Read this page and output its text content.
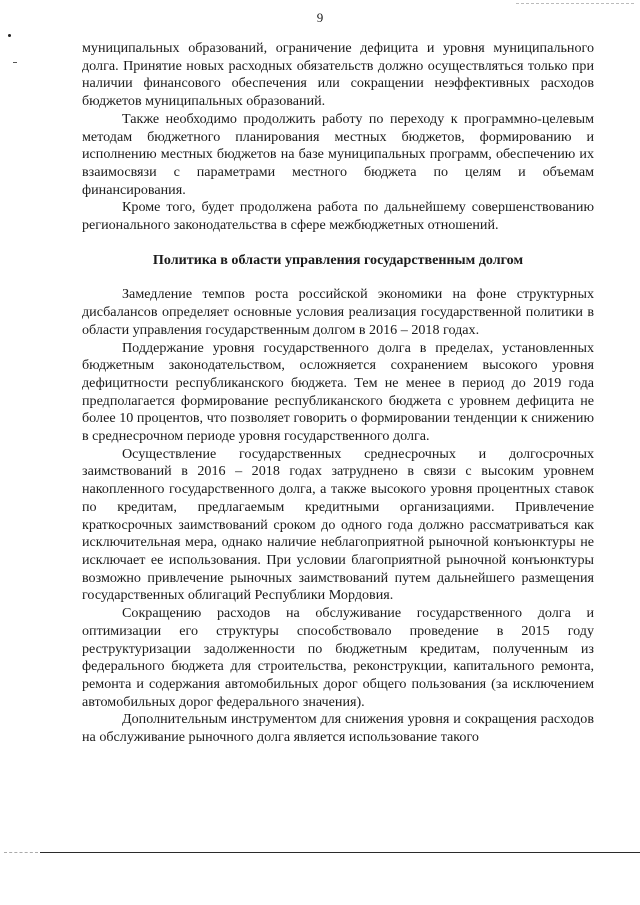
9

муниципальных образований, ограничение дефицита и уровня муниципального долга. Принятие новых расходных обязательств должно осуществляться только при наличии финансового обеспечения или сокращении неэффективных расходов бюджетов муниципальных образований.

Также необходимо продолжить работу по переходу к программно-целевым методам бюджетного планирования местных бюджетов, формированию и исполнению местных бюджетов на базе муниципальных программ, обеспечению их взаимосвязи с параметрами местного бюджета по целям и объемам финансирования.

Кроме того, будет продолжена работа по дальнейшему совершенствованию регионального законодательства в сфере межбюджетных отношений.

Политика в области управления государственным долгом

Замедление темпов роста российской экономики на фоне структурных дисбалансов определяет основные условия реализация государственной политики в области управления государственным долгом в 2016 – 2018 годах.

Поддержание уровня государственного долга в пределах, установленных бюджетным законодательством, осложняется сохранением высокого уровня дефицитности республиканского бюджета. Тем не менее в период до 2019 года предполагается формирование республиканского бюджета с уровнем дефицита не более 10 процентов, что позволяет говорить о формировании тенденции к снижению в среднесрочном периоде уровня государственного долга.

Осуществление государственных среднесрочных и долгосрочных заимствований в 2016 – 2018 годах затруднено в связи с высоким уровнем накопленного государственного долга, а также высокого уровня процентных ставок по кредитам, предлагаемым кредитными организациями. Привлечение краткосрочных заимствований сроком до одного года должно рассматриваться как исключительная мера, однако наличие неблагоприятной рыночной конъюнктуры не исключает ее использования. При условии благоприятной рыночной конъюнктуры возможно привлечение рыночных заимствований путем дальнейшего размещения государственных облигаций Республики Мордовия.

Сокращению расходов на обслуживание государственного долга и оптимизации его структуры способствовало проведение в 2015 году реструктуризации задолженности по бюджетным кредитам, полученным из федерального бюджета для строительства, реконструкции, капитального ремонта, ремонта и содержания автомобильных дорог общего пользования (за исключением автомобильных дорог федерального значения).

Дополнительным инструментом для снижения уровня и сокращения расходов на обслуживание рыночного долга является использование такого
